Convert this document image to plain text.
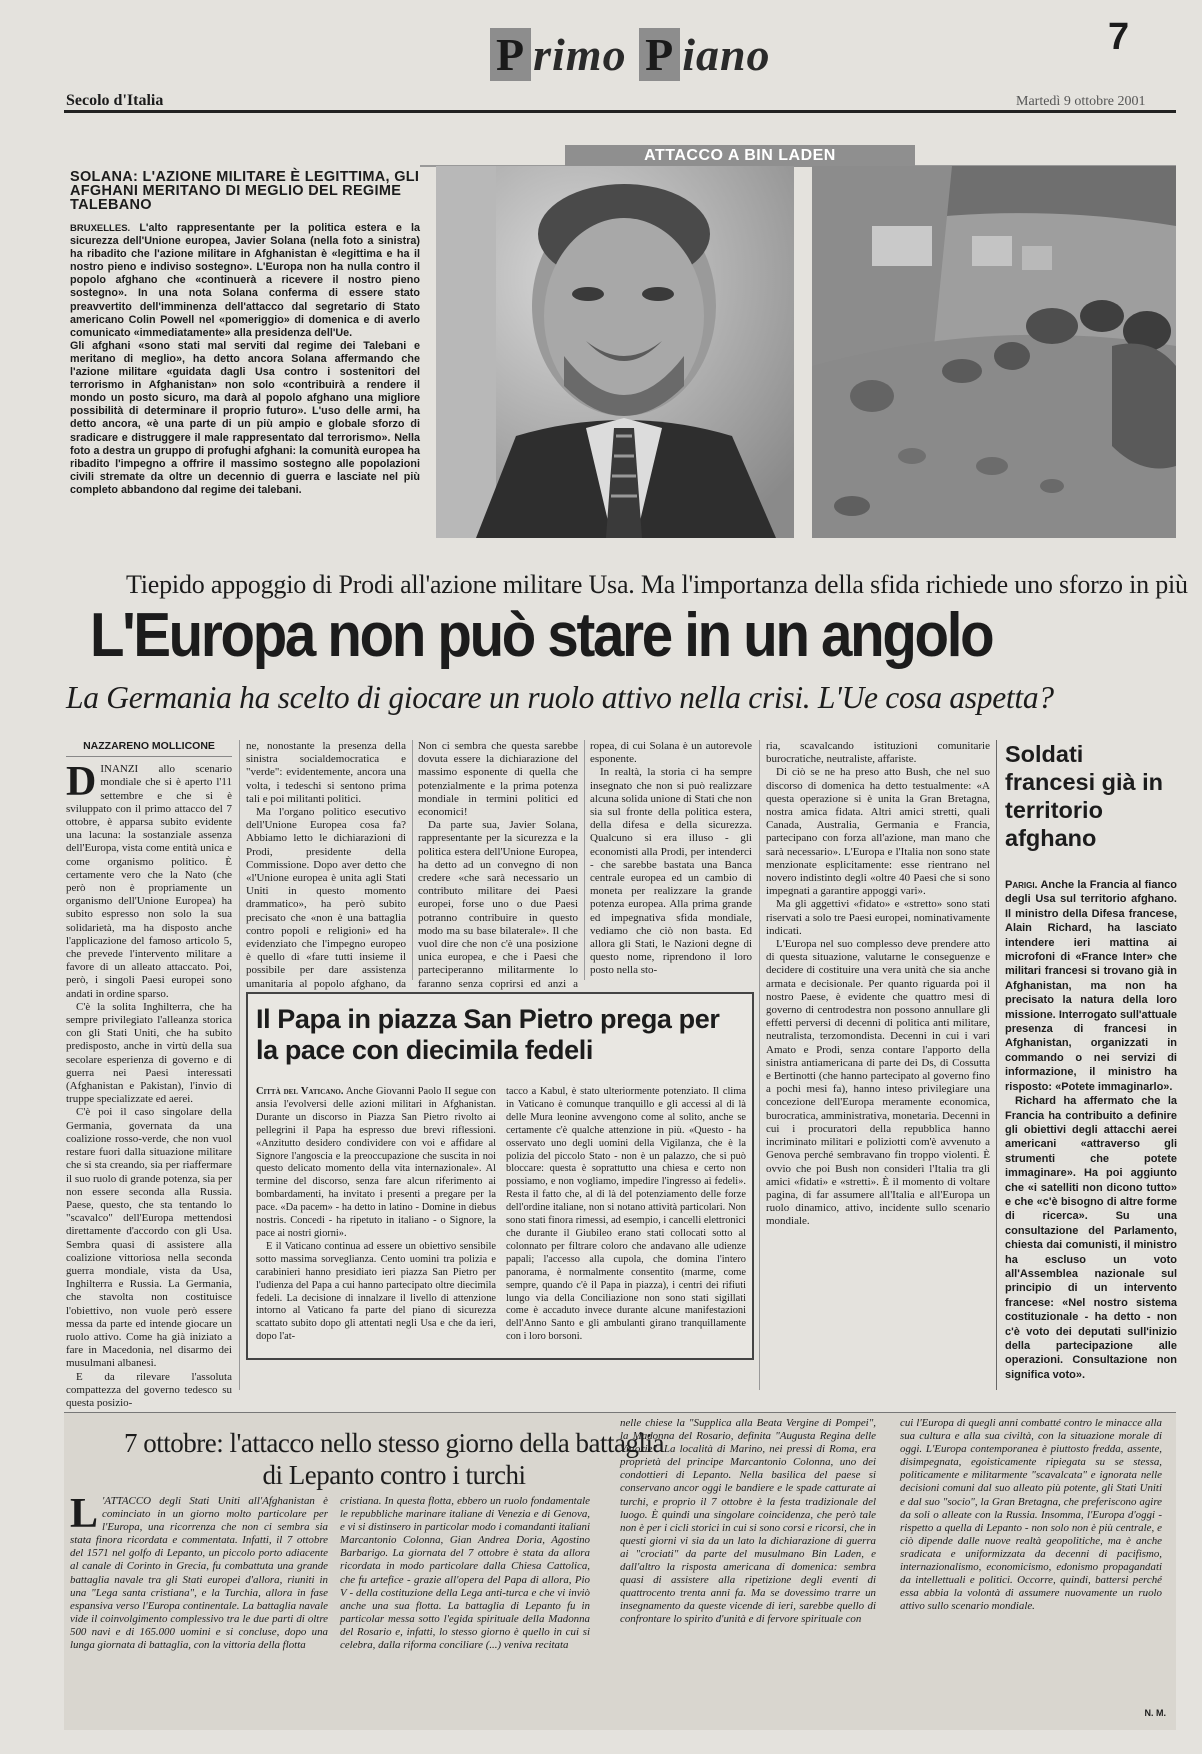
P rimo P iano	7
Secolo d'Italia	Martedì 9 ottobre 2001
ATTACCO A BIN LADEN
SOLANA: L'AZIONE MILITARE È LEGITTIMA, GLI AFGHANI MERITANO DI MEGLIO DEL REGIME TALEBANO

BRUXELLES. L'alto rappresentante per la politica estera e la sicurezza dell'Unione europea, Javier Solana (nella foto a sinistra) ha ribadito che l'azione militare in Afghanistan è «legittima e ha il nostro pieno e indiviso sostegno». L'Europa non ha nulla contro il popolo afghano che «continuerà a ricevere il nostro pieno sostegno». In una nota Solana conferma di essere stato preavvertito dell'imminenza dell'attacco dal segretario di Stato americano Colin Powell nel «pomeriggio» di domenica e di averlo comunicato «immediatamente» alla presidenza dell'Ue.

Gli afghani «sono stati mal serviti dal regime dei Talebani e meritano di meglio», ha detto ancora Solana affermando che l'azione militare «guidata dagli Usa contro i sostenitori del terrorismo in Afghanistan» non solo «contribuirà a rendere il mondo un posto sicuro, ma darà al popolo afghano una migliore possibilità di determinare il proprio futuro». L'uso delle armi, ha detto ancora, «è una parte di un più ampio e globale sforzo di sradicare e distruggere il male rappresentato dal terrorismo». Nella foto a destra un gruppo di profughi afghani: la comunità europea ha ribadito l'impegno a offrire il massimo sostegno alle popolazioni civili stremate da oltre un decennio di guerra e lasciate nel più completo abbandono dal regime dei talebani.

Tiepido appoggio di Prodi all'azione militare Usa. Ma l'importanza della sfida richiede uno sforzo in più
L'Europa non può stare in un angolo
La Germania ha scelto di giocare un ruolo attivo nella crisi. L'Ue cosa aspetta?
NAZZARENO MOLLICONE

DINANZI allo scenario mondiale che si è aperto l'11 settembre e che si è sviluppato con il primo attacco del 7 ottobre, è apparsa subito evidente una lacuna: la sostanziale assenza dell'Europa, vista come entità unica e come organismo politico. È certamente vero che la Nato (che però non è propriamente un organismo dell'Unione Europea) ha subito espresso non solo la sua solidarietà, ma ha disposto anche l'applicazione del famoso articolo 5, che prevede l'intervento militare a favore di un alleato attaccato. Poi, però, i singoli Paesi europei sono andati in ordine sparso.

C'è la solita Inghilterra, che ha sempre privilegiato l'alleanza storica con gli Stati Uniti, che ha subito predisposto, anche in virtù della sua secolare esperienza di governo e di guerra nei Paesi interessati (Afghanistan e Pakistan), l'invio di truppe specializzate ed aerei.

C'è poi il caso singolare della Germania, governata da una coalizione rosso-verde, che non vuol restare fuori dalla situazione militare che si sta creando, sia per riaffermare il suo ruolo di grande potenza, sia per non essere seconda alla Russia. Paese, questo, che sta tentando lo "scavalco" dell'Europa mettendosi direttamente d'accordo con gli Usa. Sembra quasi di assistere alla coalizione vittoriosa nella seconda guerra mondiale, vista da Usa, Inghilterra e Russia. La Germania, che stavolta non costituisce l'obiettivo, non vuole però essere messa da parte ed intende giocare un ruolo attivo. Come ha già iniziato a fare in Macedonia, nel disarmo dei musulmani albanesi.

E da rilevare l'assoluta compattezza del governo tedesco su questa posizio-

ne, nonostante la presenza della sinistra socialdemocratica e "verde": evidentemente, ancora una volta, i tedeschi si sentono prima tali e poi militanti politici.

Ma l'organo politico esecutivo dell'Unione Europea cosa fa? Abbiamo letto le dichiarazioni di Prodi, presidente della Commissione. Dopo aver detto che «l'Unione europea è unita agli Stati Uniti in questo momento drammatico», ha però subito precisato che «non è una battaglia contro popoli e religioni» ed ha evidenziato che l'impegno europeo è quello di «fare tutti insieme il possibile per dare assistenza umanitaria al popolo afghano, da

Non ci sembra che questa sarebbe dovuta essere la dichiarazione del massimo esponente di quella che potenzialmente e la prima potenza mondiale in termini politici ed economici!

Da parte sua, Javier Solana, rappresentante per la sicurezza e la politica estera dell'Unione Europea, ha detto ad un convegno di non credere «che sarà necessario un contributo militare dei Paesi europei, forse uno o due Paesi potranno contribuire in questo modo ma su base bilaterale». Il che vuol dire che non c'è una posizione unica europea, e che i Paesi che parteciperanno militarmente lo faranno senza coprirsi ed anzi a

ropea, di cui Solana è un autorevole esponente.

In realtà, la storia ci ha sempre insegnato che non si può realizzare alcuna solida unione di Stati che non sia sul fronte della politica estera, della difesa e della sicurezza. Qualcuno si era illuso - gli economisti alla Prodi, per intenderci - che sarebbe bastata una Banca centrale europea ed un cambio di moneta per realizzare la grande potenza europea. Alla prima grande ed impegnativa sfida mondiale, vediamo che ciò non basta. Ed allora gli Stati, le Nazioni degne di questo nome, riprendono il loro posto nella sto-

ria, scavalcando istituzioni comunitarie burocratiche, neutraliste, affariste.

Di ciò se ne ha preso atto Bush, che nel suo discorso di domenica ha detto testualmente: «A questa operazione si è unita la Gran Bretagna, nostra amica fidata. Altri amici stretti, quali Canada, Australia, Germania e Francia, partecipano con forza all'azione, man mano che sarà necessario». L'Europa e l'Italia non sono state menzionate esplicitamente: esse rientrano nel novero indistinto degli «oltre 40 Paesi che si sono impegnati a garantire appoggi vari».

Ma gli aggettivi «fidato» e «stretto» sono stati riservati a solo tre Paesi europei, nominativamente indicati.

L'Europa nel suo complesso deve prendere atto di questa situazione, valutarne le conseguenze e decidere di costituire una vera unità che sia anche armata e decisionale. Per quanto riguarda poi il nostro Paese, è evidente che quattro mesi di governo di centrodestra non possono annullare gli effetti perversi di decenni di politica anti militare, neutralista, terzomondista. Decenni in cui i vari Amato e Prodi, senza contare l'apporto della sinistra antiamericana di parte dei Ds, di Cossutta e Bertinotti (che hanno partecipato al governo fino a pochi mesi fa), hanno inteso privilegiare una concezione dell'Europa meramente economica, burocratica, amministrativa, monetaria. Decenni in cui i procuratori della repubblica hanno incriminato militari e poliziotti com'è avvenuto a Genova perché sembravano fin troppo violenti. È ovvio che poi Bush non considerì l'Italia tra gli amici «fidati» e «stretti». È il momento di voltare pagina, di far assumere all'Italia e all'Europa un ruolo dinamico, attivo, incidente sullo scenario mondiale.

Il Papa in piazza San Pietro prega per la pace con diecimila fedeli

Città del Vaticano. Anche Giovanni Paolo II segue con ansia l'evolversi delle azioni militari in Afghanistan. Durante un discorso in Piazza San Pietro rivolto ai pellegrini il Papa ha espresso due brevi riflessioni. «Anzitutto desidero condividere con voi e affidare al Signore l'angoscia e la preoccupazione che suscita in noi questo delicato momento della vita internazionale». Al termine del discorso, senza fare alcun riferimento ai bombardamenti, ha invitato i presenti a pregare per la pace. «Da pacem» - ha detto in latino - Domine in diebus nostris. Concedi - ha ripetuto in italiano - o Signore, la pace ai nostri giorni».

E il Vaticano continua ad essere un obiettivo sensibile sotto massima sorveglianza. Cento uomini tra polizia e carabinieri hanno presidiato ieri piazza San Pietro per l'udienza del Papa a cui hanno partecipato oltre diecimila fedeli. La decisione di innalzare il livello di attenzione intorno al Vaticano fa parte del piano di sicurezza scattato subito dopo gli attentati negli Usa e che da ieri, dopo l'at-

tacco a Kabul, è stato ulteriormente potenziato. Il clima in Vaticano è comunque tranquillo e gli accessi al di là delle Mura leonine avvengono come al solito, anche se certamente c'è qualche attenzione in più. «Questo - ha osservato uno degli uomini della Vigilanza, che è la polizia del piccolo Stato - non è un palazzo, che si può bloccare: questa è soprattutto una chiesa e certo non possiamo, e non vogliamo, impedire l'ingresso ai fedeli». Resta il fatto che, al di là del potenziamento delle forze dell'ordine italiane, non si notano attività particolari. Non sono stati finora rimessi, ad esempio, i cancelli elettronici che durante il Giubileo erano stati collocati sotto al colonnato per filtrare coloro che andavano alle udienze papali; l'accesso alla cupola, che domina l'intero panorama, è normalmente consentito (marme, come sempre, quando c'è il Papa in piazza), i centri dei rifiuti lungo via della Conciliazione non sono stati sigillati come è accaduto invece durante alcune manifestazioni dell'Anno Santo e gli ambulanti girano tranquillamente con i loro borsoni.

Soldati francesi già in territorio afghano

Parigi. Anche la Francia al fianco degli Usa sul territorio afghano. Il ministro della Difesa francese, Alain Richard, ha lasciato intendere ieri mattina ai microfoni di «France Inter» che militari francesi si trovano già in Afghanistan, ma non ha precisato la natura della loro missione. Interrogato sull'attuale presenza di francesi in Afghanistan, organizzati in commando o nei servizi di informazione, il ministro ha risposto: «Potete immaginarlo».

Richard ha affermato che la Francia ha contribuito a definire gli obiettivi degli attacchi aerei americani «attraverso gli strumenti che potete immaginare». Ha poi aggiunto che «i satelliti non dicono tutto» e che «c'è bisogno di altre forme di ricerca». Su una consultazione del Parlamento, chiesta dai comunisti, il ministro ha escluso un voto all'Assemblea nazionale sul principio di un intervento francese: «Nel nostro sistema costituzionale - ha detto - non c'è voto dei deputati sull'inizio della partecipazione alle operazioni. Consultazione non significa voto».

7 ottobre: l'attacco nello stesso giorno della battaglia di Lepanto contro i turchi

L 'ATTACCO degli Stati Uniti all'Afghanistan è cominciato in un giorno molto particolare per l'Europa, una ricorrenza che non ci sembra sia stata finora ricordata e commentata. Infatti, il 7 ottobre del 1571 nel golfo di Lepanto, un piccolo porto adiacente al canale di Corinto in Grecia, fu combattuta una grande battaglia navale tra gli Stati europei d'allora, riuniti in una "Lega santa cristiana", e la Turchia, allora in fase espansiva verso l'Europa continentale. La battaglia navale vide il coinvolgimento complessivo tra le due parti di oltre 500 navi e di 165.000 uomini e si concluse, dopo una lunga giornata di battaglia, con la vittoria della flotta

cristiana. In questa flotta, ebbero un ruolo fondamentale le repubbliche marinare italiane di Venezia e di Genova, e vi si distinsero in particolar modo i comandanti italiani Marcantonio Colonna, Gian Andrea Doria, Agostino Barbarigo. La giornata del 7 ottobre è stata da allora ricordata in modo particolare dalla Chiesa Cattolica, che fu artefice - grazie all'opera del Papa di allora, Pio V - della costituzione della Lega anti-turca e che vi inviò anche una sua flotta. La battaglia di Lepanto fu in particolar messa sotto l'egida spirituale della Madonna del Rosario e, infatti, lo stesso giorno è quello in cui si celebra, dalla riforma conciliare (...) veniva recitata

nelle chiese la "Supplica alla Beata Vergine di Pompei", la Madonna del Rosario, definita "Augusta Regina delle Vittorie". La località di Marino, nei pressi di Roma, era proprietà del principe Marcantonio Colonna, uno dei condottieri di Lepanto. Nella basilica del paese si conservano ancor oggi le bandiere e le spade catturate ai turchi, e proprio il 7 ottobre è la festa tradizionale del luogo. È quindi una singolare coincidenza, che però tale non è per i cicli storici in cui si sono corsi e ricorsi, che in questi giorni vi sia da un lato la dichiarazione di guerra ai "crociati" da parte del musulmano Bin Laden, e dall'altro la risposta americana di domenica: sembra quasi di assistere alla ripetizione degli eventi di quattrocento trenta anni fa. Ma se dovessimo trarre un insegnamento da queste vicende di ieri, sarebbe quello di confrontare lo spirito d'unità e di fervore spirituale con

cui l'Europa di quegli anni combatté contro le minacce alla sua cultura e alla sua civiltà, con la situazione morale di oggi. L'Europa contemporanea è piuttosto fredda, assente, disimpegnata, egoisticamente ripiegata su se stessa, politicamente e militarmente "scavalcata" e ignorata nelle decisioni comuni dal suo alleato più potente, gli Stati Uniti e dal suo "socio", la Gran Bretagna, che preferiscono agire da soli o alleate con la Russia. Insomma, l'Europa d'oggi - rispetto a quella di Lepanto - non solo non è più centrale, e ciò dipende dalle nuove realtà geopolitiche, ma è anche sradicata e uniformizzata da decenni di pacifismo, internazionalismo, economicismo, edonismo propagandati da intellettuali e politici. Occorre, quindi, battersi perché essa abbia la volontà di assumere nuovamente un ruolo attivo sullo scenario mondiale.

N. M.
